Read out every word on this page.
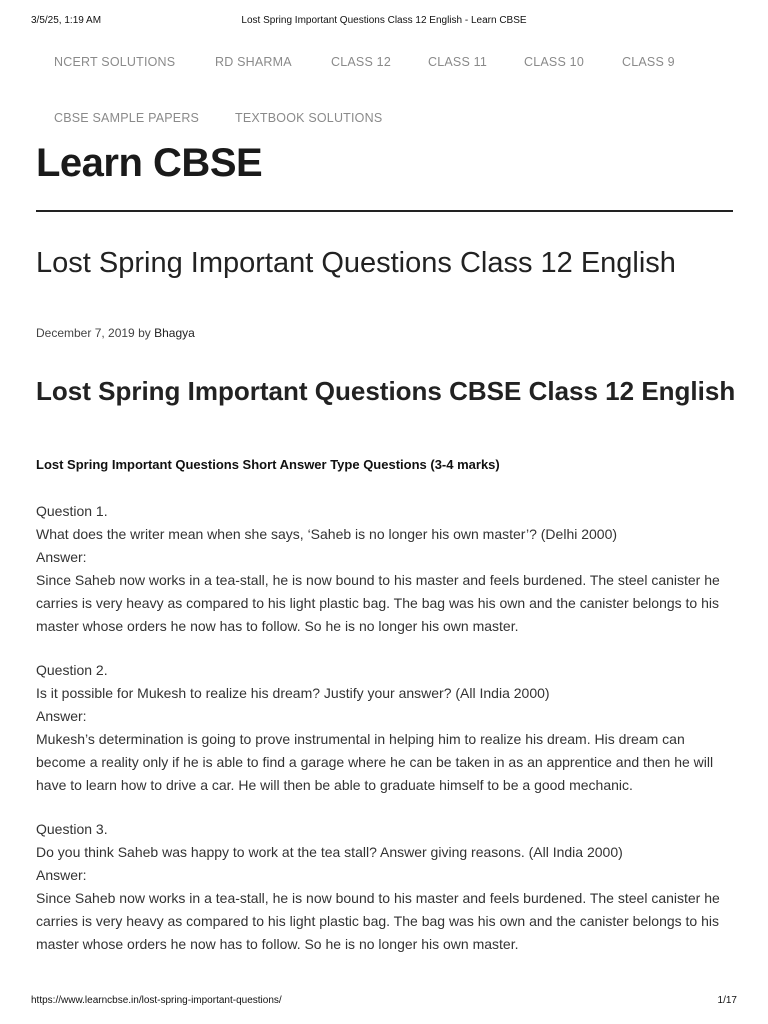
3/5/25, 1:19 AM	Lost Spring Important Questions Class 12 English - Learn CBSE
NCERT SOLUTIONS	RD SHARMA	CLASS 12	CLASS 11	CLASS 10	CLASS 9
CBSE SAMPLE PAPERS	TEXTBOOK SOLUTIONS
Learn CBSE
Lost Spring Important Questions Class 12 English
December 7, 2019 by Bhagya
Lost Spring Important Questions CBSE Class 12 English
Lost Spring Important Questions Short Answer Type Questions (3-4 marks)

Question 1.

What does the writer mean when she says, ‘Saheb is no longer his own master’? (Delhi 2000)

Answer:

Since Saheb now works in a tea-stall, he is now bound to his master and feels burdened. The steel canister he carries is very heavy as compared to his light plastic bag. The bag was his own and the canister belongs to his master whose orders he now has to follow. So he is no longer his own master.

Question 2.

Is it possible for Mukesh to realize his dream? Justify your answer? (All India 2000)

Answer:

Mukesh’s determination is going to prove instrumental in helping him to realize his dream. His dream can become a reality only if he is able to find a garage where he can be taken in as an apprentice and then he will have to learn how to drive a car. He will then be able to graduate himself to be a good mechanic.

Question 3.

Do you think Saheb was happy to work at the tea stall? Answer giving reasons. (All India 2000)

Answer:

Since Saheb now works in a tea-stall, he is now bound to his master and feels burdened. The steel canister he carries is very heavy as compared to his light plastic bag. The bag was his own and the canister belongs to his master whose orders he now has to follow. So he is no longer his own master.

https://www.learncbse.in/lost-spring-important-questions/	1/17
